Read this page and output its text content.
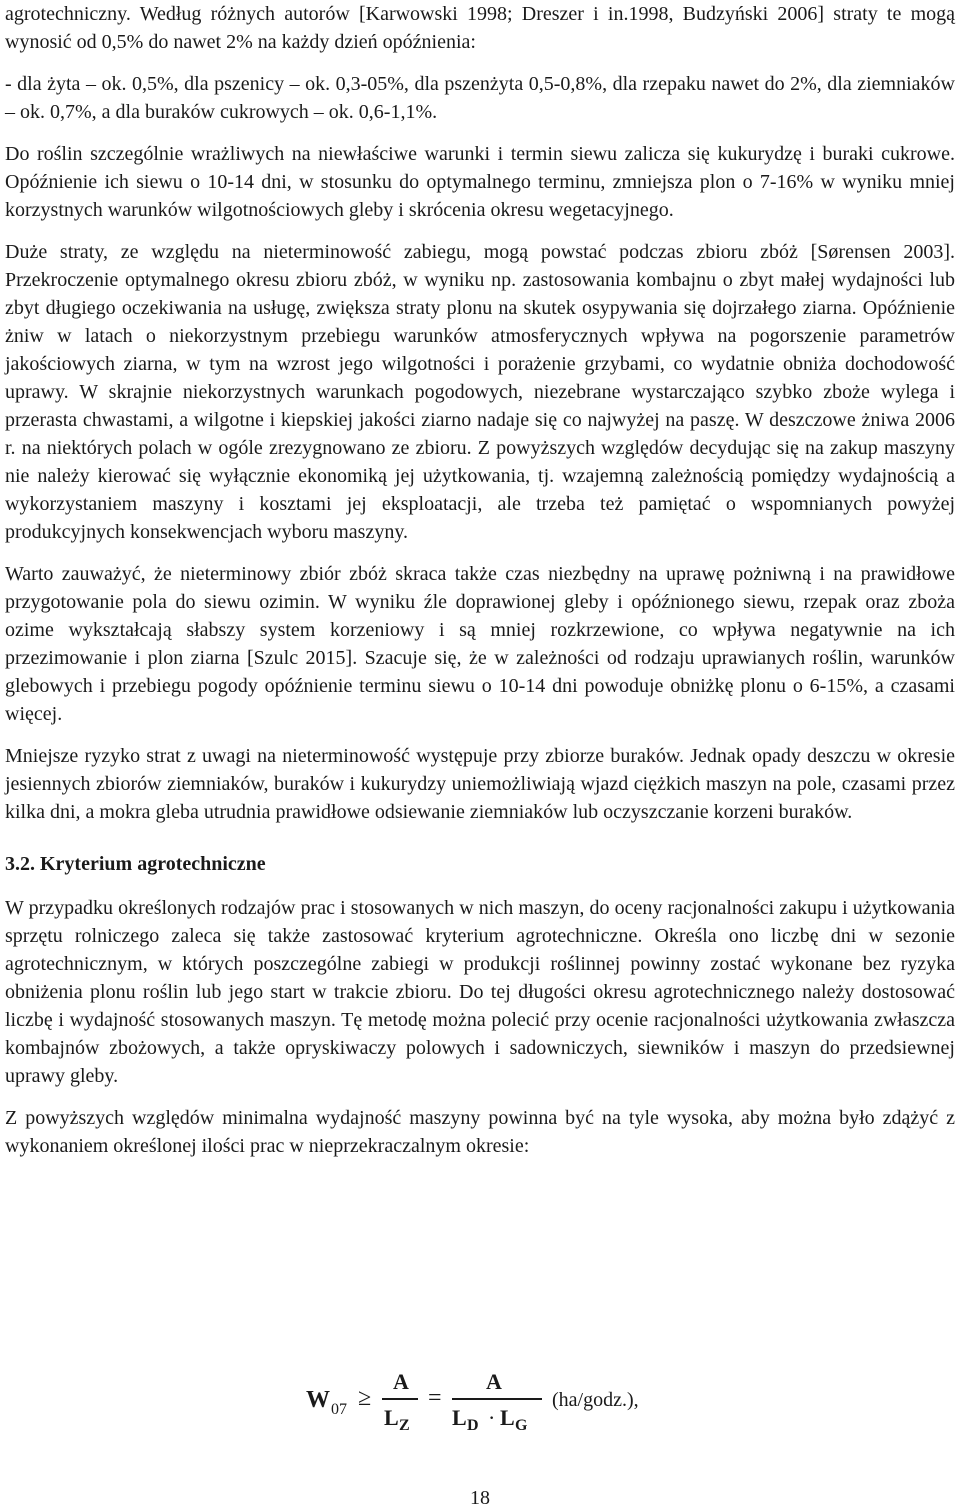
agrotechniczny. Według różnych autorów [Karwowski 1998; Dreszer i in.1998, Budzyński 2006] straty te mogą wynosić od 0,5% do nawet 2% na każdy dzień opóźnienia:

- dla żyta – ok. 0,5%, dla pszenicy – ok. 0,3-05%, dla pszenżyta 0,5-0,8%, dla rzepaku nawet do 2%, dla ziemniaków – ok. 0,7%, a dla buraków cukrowych – ok. 0,6-1,1%.

Do roślin szczególnie wrażliwych na niewłaściwe warunki i termin siewu zalicza się kukurydzę i buraki cukrowe. Opóźnienie ich siewu o 10-14 dni, w stosunku do optymalnego terminu, zmniejsza plon o 7-16% w wyniku mniej korzystnych warunków wilgotnościowych gleby i skrócenia okresu wegetacyjnego.

Duże straty, ze względu na nieterminowość zabiegu, mogą powstać podczas zbioru zbóż [Sørensen 2003]. Przekroczenie optymalnego okresu zbioru zbóż, w wyniku np. zastosowania kombajnu o zbyt małej wydajności lub zbyt długiego oczekiwania na usługę, zwiększa straty plonu na skutek osypywania się dojrzałego ziarna. Opóźnienie żniw w latach o niekorzystnym przebiegu warunków atmosferycznych wpływa na pogorszenie parametrów jakościowych ziarna, w tym na wzrost jego wilgotności i porażenie grzybami, co wydatnie obniża dochodowość uprawy. W skrajnie niekorzystnych warunkach pogodowych, niezebrane wystarczająco szybko zboże wylega i przerasta chwastami, a wilgotne i kiepskiej jakości ziarno nadaje się co najwyżej na paszę. W deszczowe żniwa 2006 r. na niektórych polach w ogóle zrezygnowano ze zbioru. Z powyższych względów decydując się na zakup maszyny nie należy kierować się wyłącznie ekonomiką jej użytkowania, tj. wzajemną zależnością pomiędzy wydajnością a wykorzystaniem maszyny i kosztami jej eksploatacji, ale trzeba też pamiętać o wspomnianych powyżej produkcyjnych konsekwencjach wyboru maszyny.

Warto zauważyć, że nieterminowy zbiór zbóż skraca także czas niezbędny na uprawę pożniwną i na prawidłowe przygotowanie pola do siewu ozimin. W wyniku źle doprawionej gleby i opóźnionego siewu, rzepak oraz zboża ozime wykształcają słabszy system korzeniowy i są mniej rozkrzewione, co wpływa negatywnie na ich przezimowanie i plon ziarna [Szulc 2015]. Szacuje się, że w zależności od rodzaju uprawianych roślin, warunków glebowych i przebiegu pogody opóźnienie terminu siewu o 10-14 dni powoduje obniżkę plonu o 6-15%, a czasami więcej.

Mniejsze ryzyko strat z uwagi na nieterminowość występuje przy zbiorze buraków. Jednak opady deszczu w okresie jesiennych zbiorów ziemniaków, buraków i kukurydzy uniemożliwiają wjazd ciężkich maszyn na pole, czasami przez kilka dni, a mokra gleba utrudnia prawidłowe odsiewanie ziemniaków lub oczyszczanie korzeni buraków.

3.2. Kryterium agrotechniczne

W przypadku określonych rodzajów prac i stosowanych w nich maszyn, do oceny racjonalności zakupu i użytkowania sprzętu rolniczego zaleca się także zastosować kryterium agrotechniczne. Określa ono liczbę dni w sezonie agrotechnicznym, w których poszczególne zabiegi w produkcji roślinnej powinny zostać wykonane bez ryzyka obniżenia plonu roślin lub jego start w trakcie zbioru. Do tej długości okresu agrotechnicznego należy dostosować liczbę i wydajność stosowanych maszyn. Tę metodę można polecić przy ocenie racjonalności użytkowania zwłaszcza kombajnów zbożowych, a także opryskiwaczy polowych i sadowniczych, siewników i maszyn do przedsiewnej uprawy gleby.

Z powyższych względów minimalna wydajność maszyny powinna być na tyle wysoka, aby można było zdążyć z wykonaniem określonej ilości prac w nieprzekraczalnym okresie:

W 07 ≥
A
L Z
=
A
L D · L G
(ha/godz.),
18
